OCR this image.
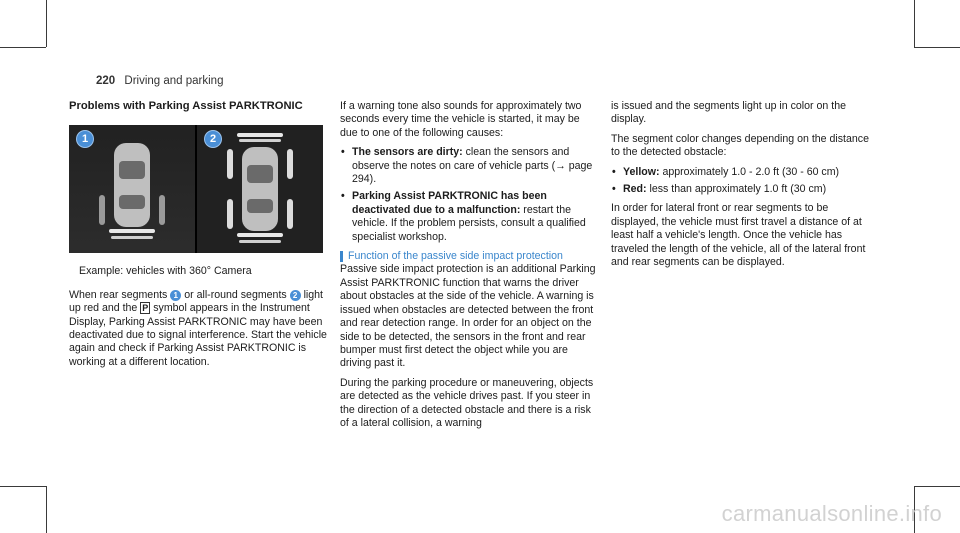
220 Driving and parking
Problems with Parking Assist PARKTRONIC
1	2
Example: vehicles with 360° Camera

When rear segments 1 or all-round segments 2 light up red and the P symbol appears in the Instrument Display, Parking Assist PARKTRONIC may have been deactivated due to signal interference. Start the vehicle again and check if Parking Assist PARKTRONIC is working at a different location.

If a warning tone also sounds for approximately two seconds every time the vehicle is started, it may be due to one of the following causes:

• The sensors are dirty: clean the sensors and observe the notes on care of vehicle parts (→ page 294).
• Parking Assist PARKTRONIC has been deactivated due to a malfunction: restart the vehicle. If the problem persists, consult a qualified specialist workshop.
Function of the passive side impact protection

Passive side impact protection is an additional Parking Assist PARKTRONIC function that warns the driver about obstacles at the side of the vehicle. A warning is issued when obstacles are detected between the front and rear detection range. In order for an object on the side to be detected, the sensors in the front and rear bumper must first detect the object while you are driving past it.

During the parking procedure or maneuvering, objects are detected as the vehicle drives past. If you steer in the direction of a detected obstacle and there is a risk of a lateral collision, a warning

is issued and the segments light up in color on the display.

The segment color changes depending on the distance to the detected obstacle:

• Yellow: approximately 1.0 - 2.0 ft (30 - 60 cm)
• Red: less than approximately 1.0 ft (30 cm)

In order for lateral front or rear segments to be displayed, the vehicle must first travel a distance of at least half a vehicle's length. Once the vehicle has traveled the length of the vehicle, all of the lateral front and rear segments can be displayed.

carmanualsonline.info
